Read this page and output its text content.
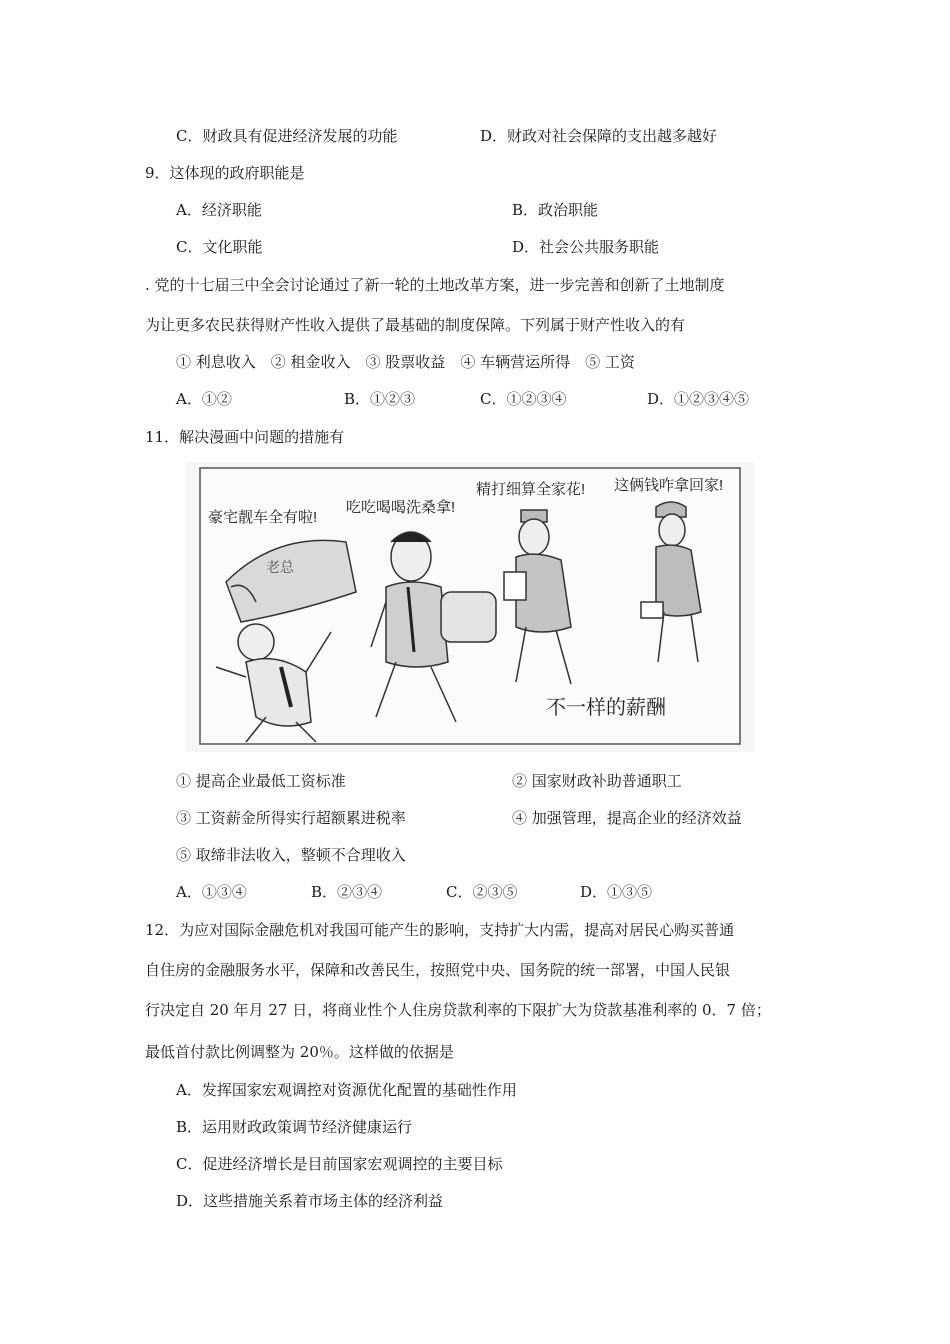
C．财政具有促进经济发展的功能	D．财政对社会保障的支出越多越好
9．这体现的政府职能是
A．经济职能	B．政治职能
C．文化职能	D．社会公共服务职能
. 党的十七届三中全会讨论通过了新一轮的土地改革方案，进一步完善和创新了土地制度
为让更多农民获得财产性收入提供了最基础的制度保障。下列属于财产性收入的有
① 利息收入　② 租金收入　③ 股票收益　④ 车辆营运所得　⑤ 工资
A．①②	B．①②③	C．①②③④	D．①②③④⑤
11．解决漫画中问题的措施有
豪宅靓车全有啦!
吃吃喝喝洗桑拿!
精打细算全家花! 这俩钱咋拿回家!
老总
不一样的薪酬
① 提高企业最低工资标准	② 国家财政补助普通职工
③ 工资薪金所得实行超额累进税率	④ 加强管理，提高企业的经济效益
⑤ 取缔非法收入，整顿不合理收入
A．①③④	B．②③④	C．②③⑤	D．①③⑤
12．为应对国际金融危机对我国可能产生的影响，支持扩大内需，提高对居民心购买普通
自住房的金融服务水平，保障和改善民生，按照党中央、国务院的统一部署，中国人民银
行决定自 20 年月 27 日，将商业性个人住房贷款利率的下限扩大为贷款基准利率的 0．7 倍；
最低首付款比例调整为 20％。这样做的依据是
A．发挥国家宏观调控对资源优化配置的基础性作用
B．运用财政政策调节经济健康运行
C．促进经济增长是目前国家宏观调控的主要目标
D．这些措施关系着市场主体的经济利益
